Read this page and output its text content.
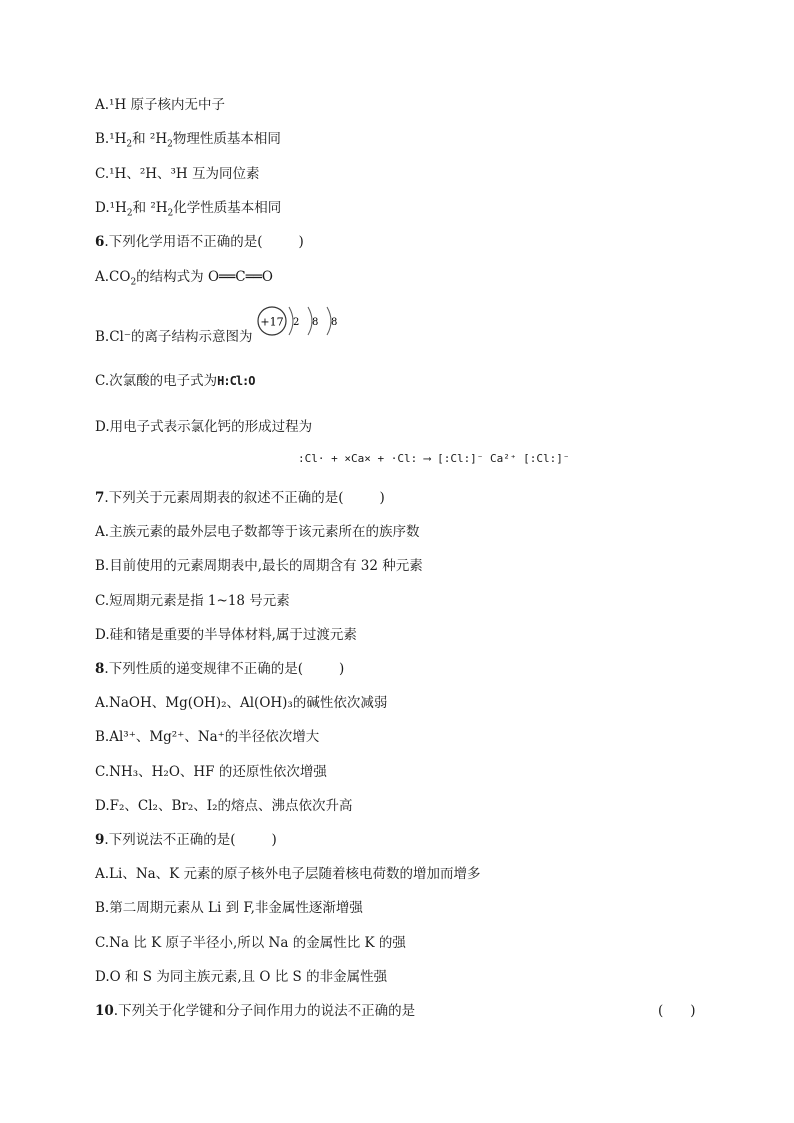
A.¹H 原子核内无中子
$B.^1H_2$和 $^2H_2$物理性质基本相同
C.¹H、²H、³H 互为同位素
$D.^1H_2$和 $^2H_2$化学性质基本相同
6.下列化学用语不正确的是(	)
$A.CO_2$的结构式为 O══C══O
B.Cl⁻的离子结构示意图为
+17 2 8 8
C.次氯酸的电子式为H:Cl:O
D.用电子式表示氯化钙的形成过程为
:Cl· + ×Ca× + ·Cl: ⟶ [:Cl:]⁻ Ca²⁺ [:Cl:]⁻
7.下列关于元素周期表的叙述不正确的是(	)
A.主族元素的最外层电子数都等于该元素所在的族序数
B.目前使用的元素周期表中,最长的周期含有 32 种元素
C.短周期元素是指 1~18 号元素
D.硅和锗是重要的半导体材料,属于过渡元素
8.下列性质的递变规律不正确的是(	)
A.NaOH、Mg(OH)₂、Al(OH)₃的碱性依次减弱
B.Al³⁺、Mg²⁺、Na⁺的半径依次增大
C.NH₃、H₂O、HF 的还原性依次增强
D.F₂、Cl₂、Br₂、I₂的熔点、沸点依次升高
9.下列说法不正确的是(	)
A.Li、Na、K 元素的原子核外电子层随着核电荷数的增加而增多
B.第二周期元素从 Li 到 F,非金属性逐渐增强
C.Na 比 K 原子半径小,所以 Na 的金属性比 K 的强
D.O 和 S 为同主族元素,且 O 比 S 的非金属性强
10.下列关于化学键和分子间作用力的说法不正确的是	(　　)
